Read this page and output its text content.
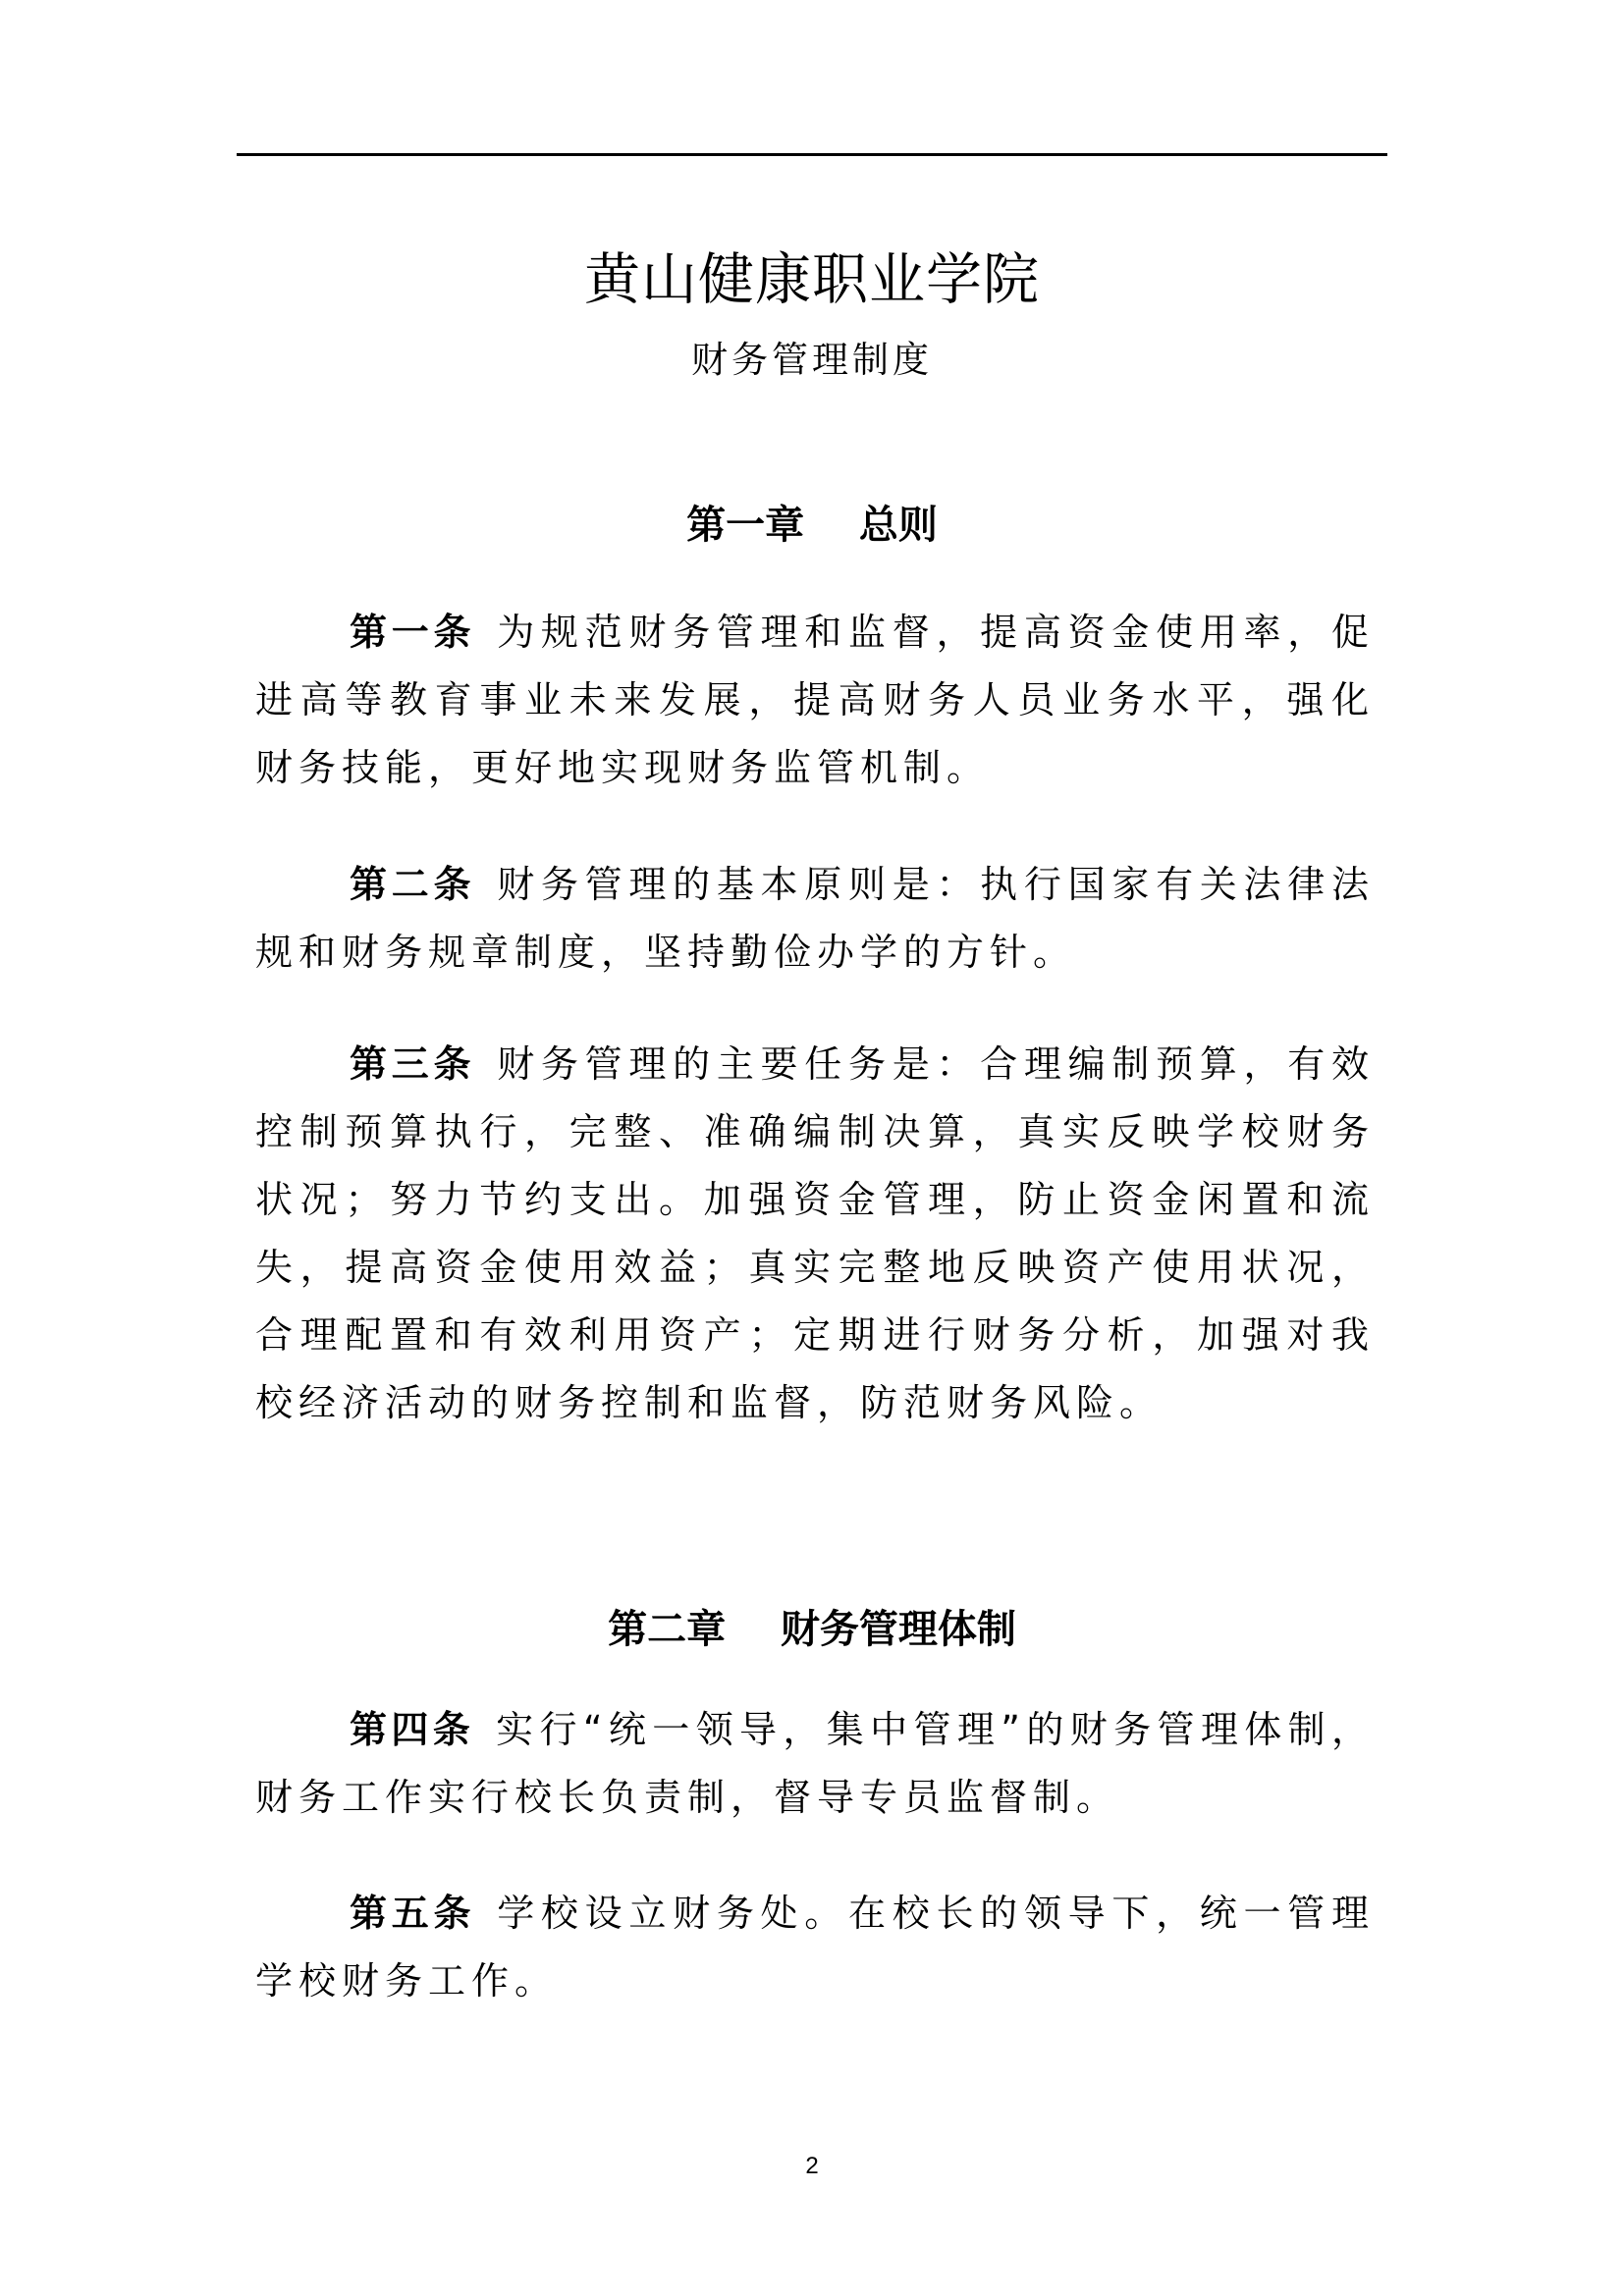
黄山健康职业学院
财务管理制度
第一章    总则

第一条 为规范财务管理和监督，提高资金使用率，促进高等教育事业未来发展，提高财务人员业务水平，强化财务技能，更好地实现财务监管机制。

第二条 财务管理的基本原则是：执行国家有关法律法规和财务规章制度，坚持勤俭办学的方针。

第三条 财务管理的主要任务是：合理编制预算，有效控制预算执行，完整、准确编制决算，真实反映学校财务状况；努力节约支出。加强资金管理，防止资金闲置和流失，提高资金使用效益；真实完整地反映资产使用状况，合理配置和有效利用资产；定期进行财务分析，加强对我校经济活动的财务控制和监督，防范财务风险。

第二章    财务管理体制

第四条 实行“统一领导，集中管理”的财务管理体制，财务工作实行校长负责制，督导专员监督制。

第五条 学校设立财务处。在校长的领导下，统一管理学校财务工作。

2
